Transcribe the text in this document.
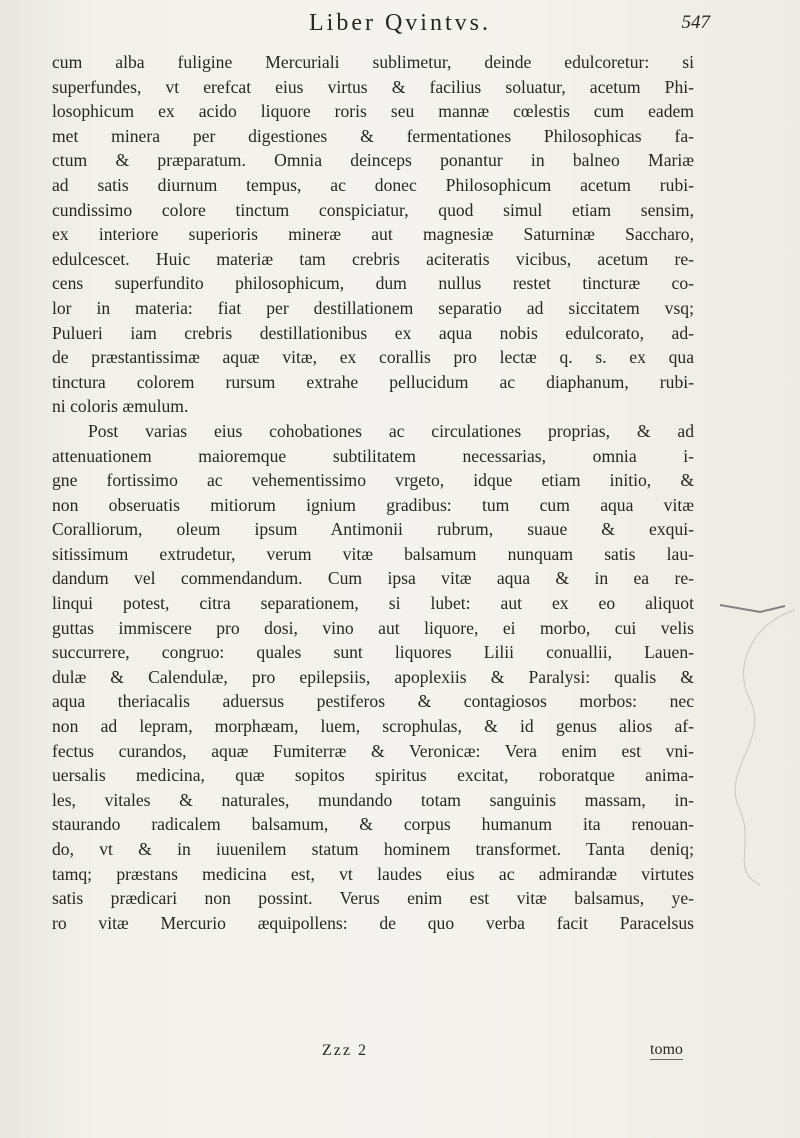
Liber Qvintvs.	547
cum alba fuligine Mercuriali sublimetur, deinde edulcoretur: si
superfundes, vt erefcat eius virtus & facilius soluatur, acetum Phi-
losophicum ex acido liquore roris seu mannæ cœlestis cum eadem
met minera per digestiones & fermentationes Philosophicas fa-
ctum & præparatum. Omnia deinceps ponantur in balneo Mariæ
ad satis diurnum tempus, ac donec Philosophicum acetum rubi-
cundissimo colore tinctum conspiciatur, quod simul etiam sensim,
ex interiore superioris mineræ aut magnesiæ Saturninæ Saccharo,
edulcescet. Huic materiæ tam crebris aciteratis vicibus, acetum re-
cens superfundito philosophicum, dum nullus restet tincturæ co-
lor in materia: fiat per destillationem separatio ad siccitatem vsq;
Pulueri iam crebris destillationibus ex aqua nobis edulcorato, ad-
de præstantissimæ aquæ vitæ, ex corallis pro lectæ q. s. ex qua
tinctura colorem rursum extrahe pellucidum ac diaphanum, rubi-
ni coloris æmulum.
Post varias eius cohobationes ac circulationes proprias, & ad
attenuationem maioremque subtilitatem necessarias, omnia i-
gne fortissimo ac vehementissimo vrgeto, idque etiam initio, &
non obseruatis mitiorum ignium gradibus: tum cum aqua vitæ
Coralliorum, oleum ipsum Antimonii rubrum, suaue & exqui-
sitissimum extrudetur, verum vitæ balsamum nunquam satis lau-
dandum vel commendandum. Cum ipsa vitæ aqua & in ea re-
linqui potest, citra separationem, si lubet: aut ex eo aliquot
guttas immiscere pro dosi, vino aut liquore, ei morbo, cui velis
succurrere, congruo: quales sunt liquores Lilii conuallii, Lauen-
dulæ & Calendulæ, pro epilepsiis, apoplexiis & Paralysi: qualis &
aqua theriacalis aduersus pestiferos & contagiosos morbos: nec
non ad lepram, morphæam, luem, scrophulas, & id genus alios af-
fectus curandos, aquæ Fumiterræ & Veronicæ: Vera enim est vni-
uersalis medicina, quæ sopitos spiritus excitat, roboratque anima-
les, vitales & naturales, mundando totam sanguinis massam, in-
staurando radicalem balsamum, & corpus humanum ita renouan-
do, vt & in iuuenilem statum hominem transformet. Tanta deniq;
tamq; præstans medicina est, vt laudes eius ac admirandæ virtutes
satis prædicari non possint. Verus enim est vitæ balsamus, ye-
ro vitæ Mercurio æquipollens: de quo verba facit Paracelsus
Zzz 2	tomo
